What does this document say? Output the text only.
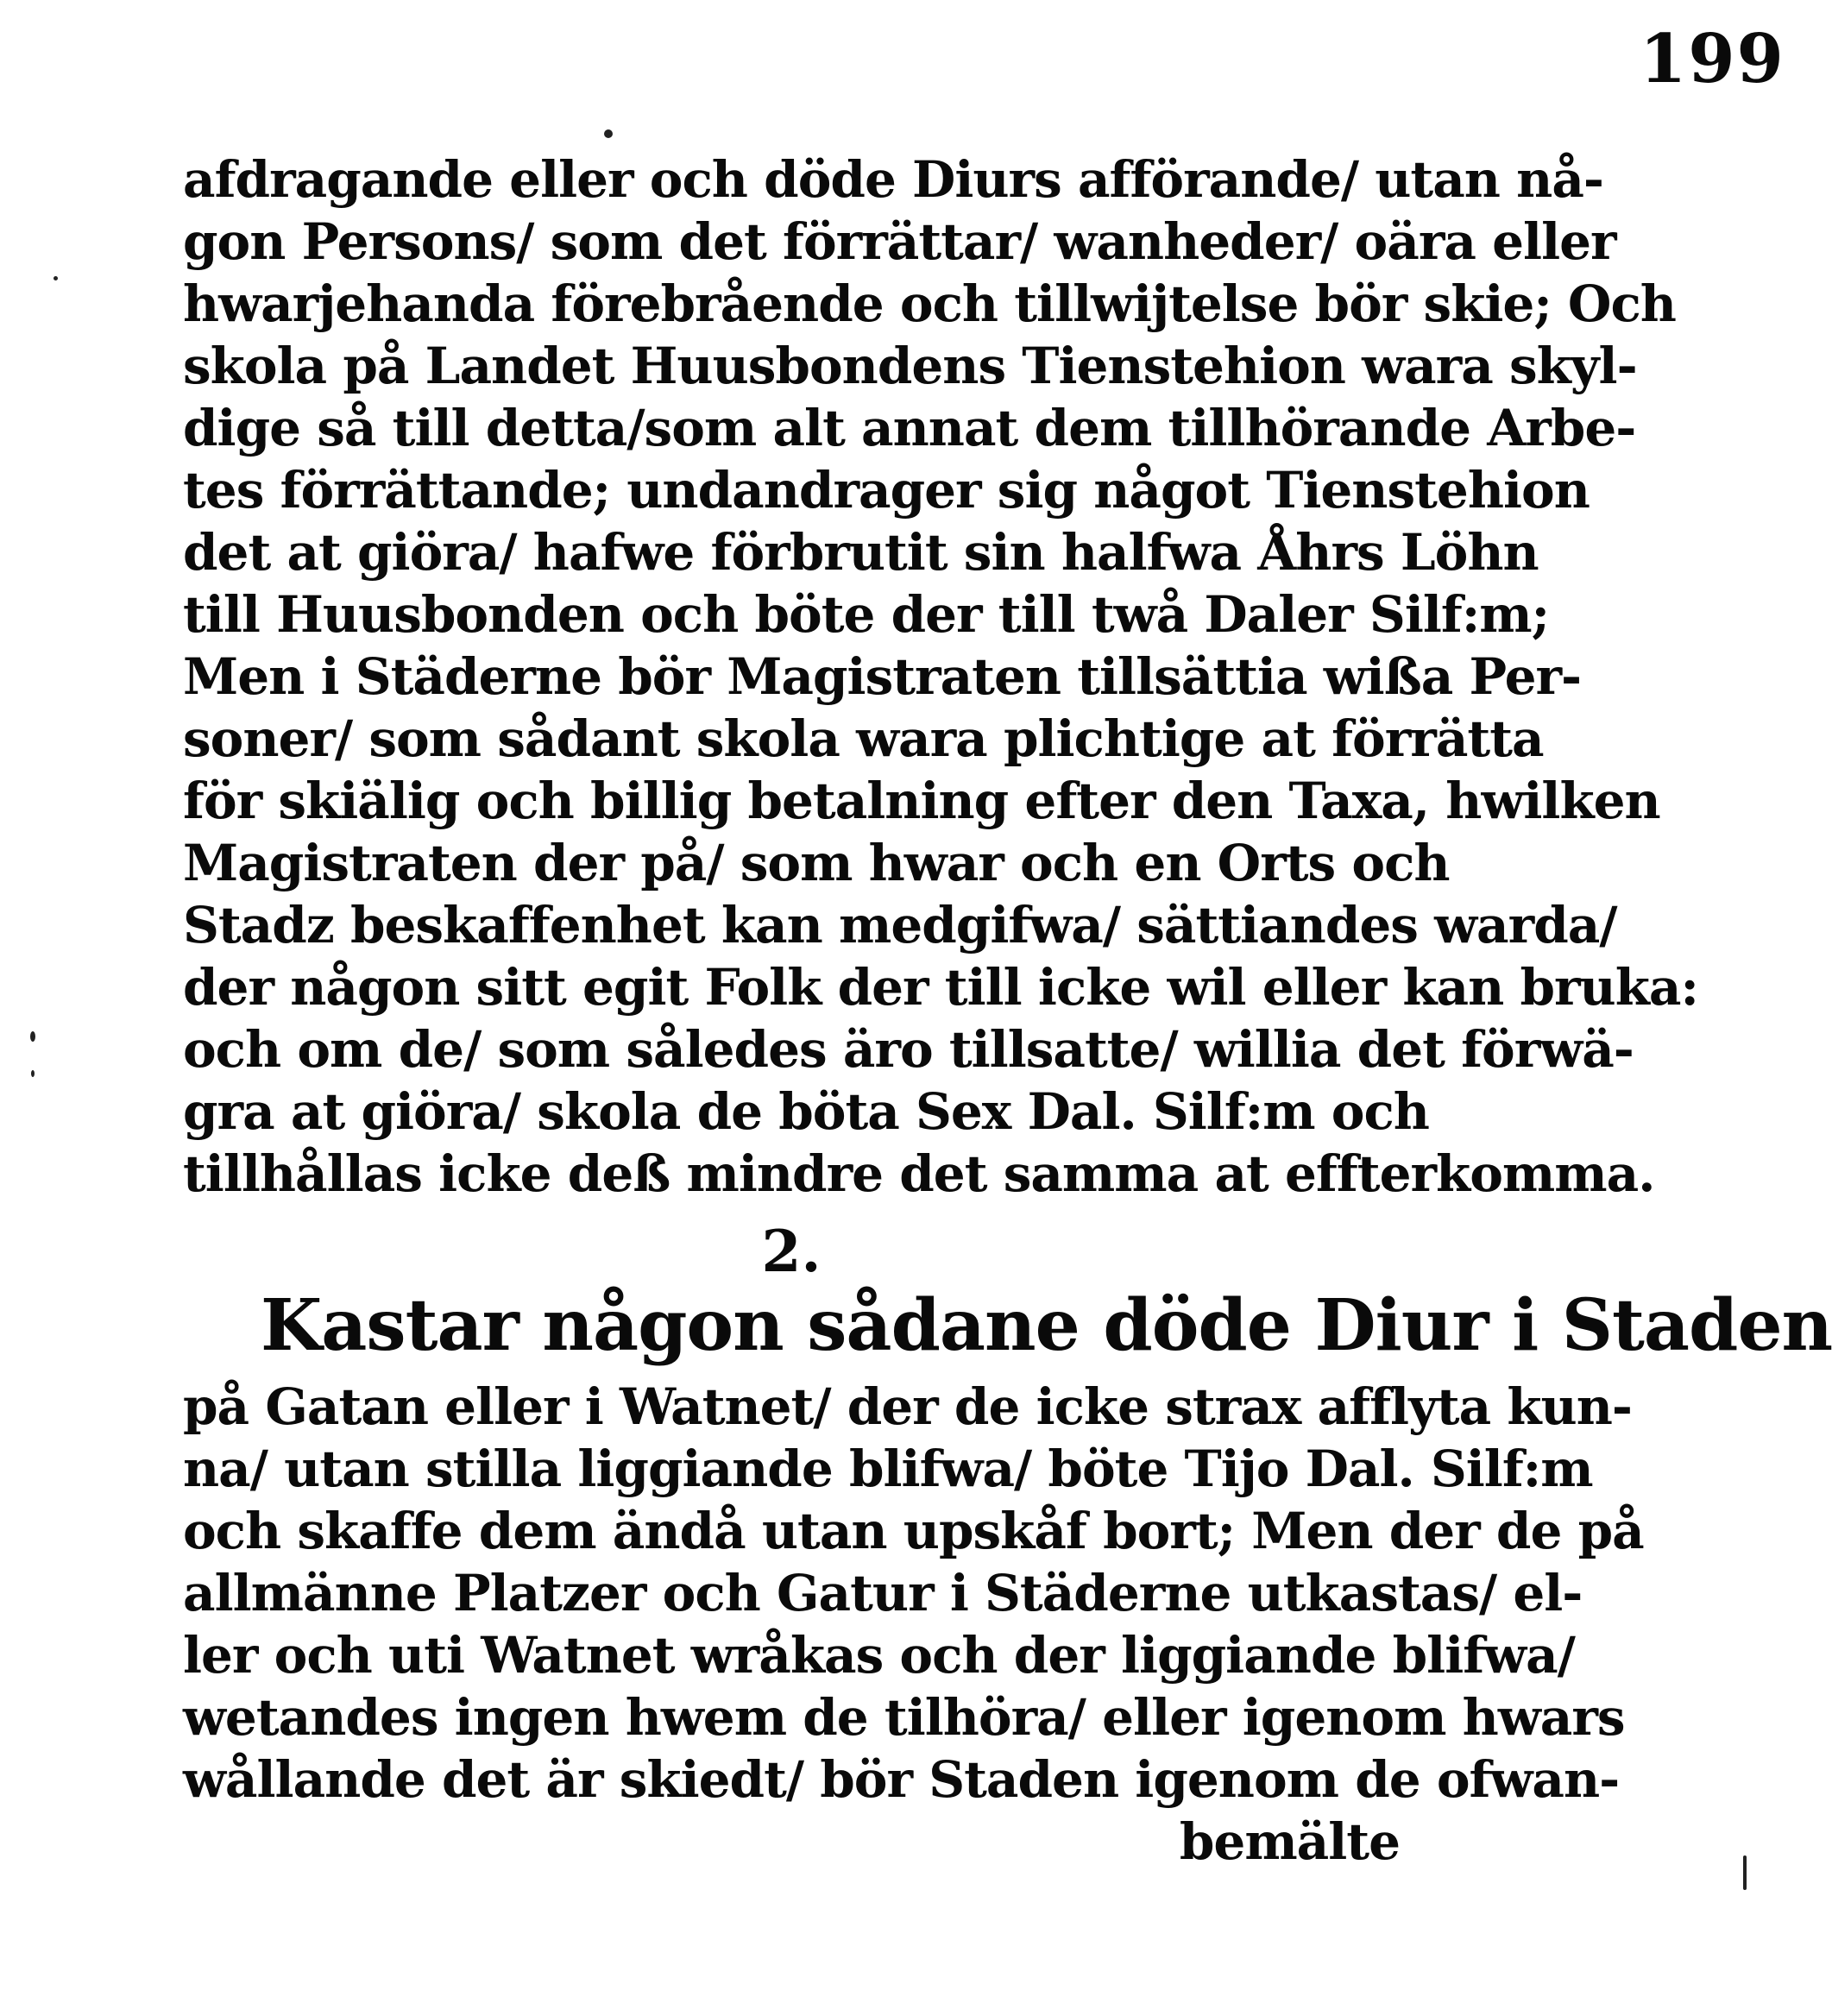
199
afdragande eller och döde Diurs afförande/ utan nå-
gon Persons/ som det förrättar/ wanheder/ oära eller
hwarjehanda förebråendе och tillwijtelse bör skie; Och
skola på Landet Huusbondens Tienstehion wara skyl-
dige så till detta/som alt annat dem tillhörande Arbe-
tes förrättande; undandrager sig något Tienstehion
det at giöra/ hafwe förbrutit sin halfwa Åhrs Löhn
till Huusbonden och böte der till twå Daler Silf:m;
Men i Städerne bör Magistraten tillsättia wißa Per-
soner/ som sådant skola wara plichtige at förrätta
för skiälig och billig betalning efter den Taxa, hwilken
Magistraten der på/ som hwar och en Orts och
Stadz beskaffenhet kan medgifwa/ sättiandes warda/
der någon sitt egit Folk der till icke wil eller kan bruka:
och om de/ som således äro tillsatte/ willia det förwä-
gra at giöra/ skola de böta Sex Dal. Silf:m och
tillhållas icke deß mindre det samma at effterkomma.
2.
Kastar någon sådane döde Diur i Staden
på Gatan eller i Watnet/ der de icke strax afflyta kun-
na/ utan stilla liggiande blifwa/ böte Tijo Dal. Silf:m
och skaffe dem ändå utan upskåf bort; Men der de på
allmänne Platzer och Gatur i Städerne utkastas/ el-
ler och uti Watnet wråkas och der liggiande blifwa/
wetandes ingen hwem de tilhöra/ eller igenom hwars
wållande det är skiedt/ bör Staden igenom de ofwan-
bemälte
